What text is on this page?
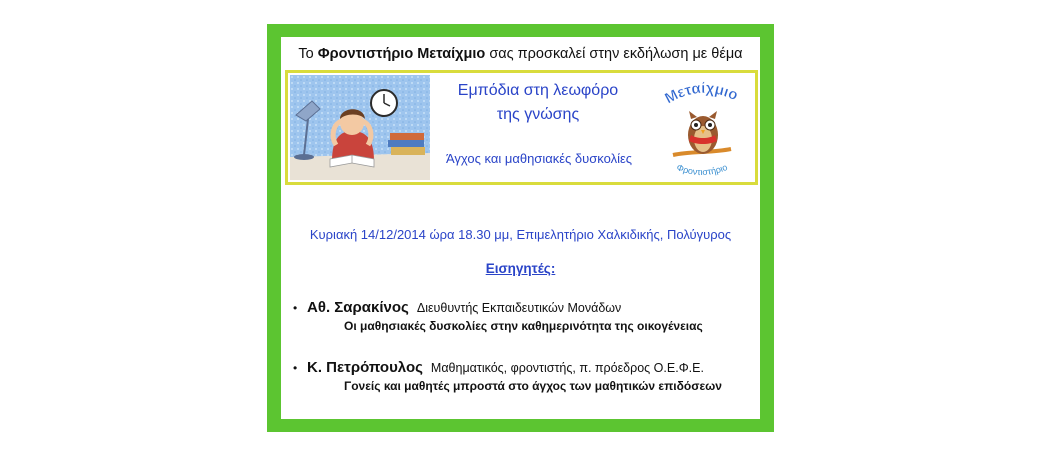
Το Φροντιστήριο Μεταίχμιο σας προσκαλεί στην εκδήλωση με θέμα
Εμπόδια στη λεωφόρο
της γνώσης
Άγχος και μαθησιακές δυσκολίες
Μεταίχμιο
Φροντιστήριο
Κυριακή 14/12/2014 ώρα 18.30 μμ, Επιμελητήριο Χαλκιδικής, Πολύγυρος
Εισηγητές:
• Αθ. Σαρακίνος Διευθυντής Εκπαιδευτικών Μονάδων
Οι μαθησιακές δυσκολίες στην καθημερινότητα της οικογένειας
• Κ. Πετρόπουλος Μαθηματικός, φροντιστής, π. πρόεδρος Ο.Ε.Φ.Ε.
Γονείς και μαθητές μπροστά στο άγχος των μαθητικών επιδόσεων
